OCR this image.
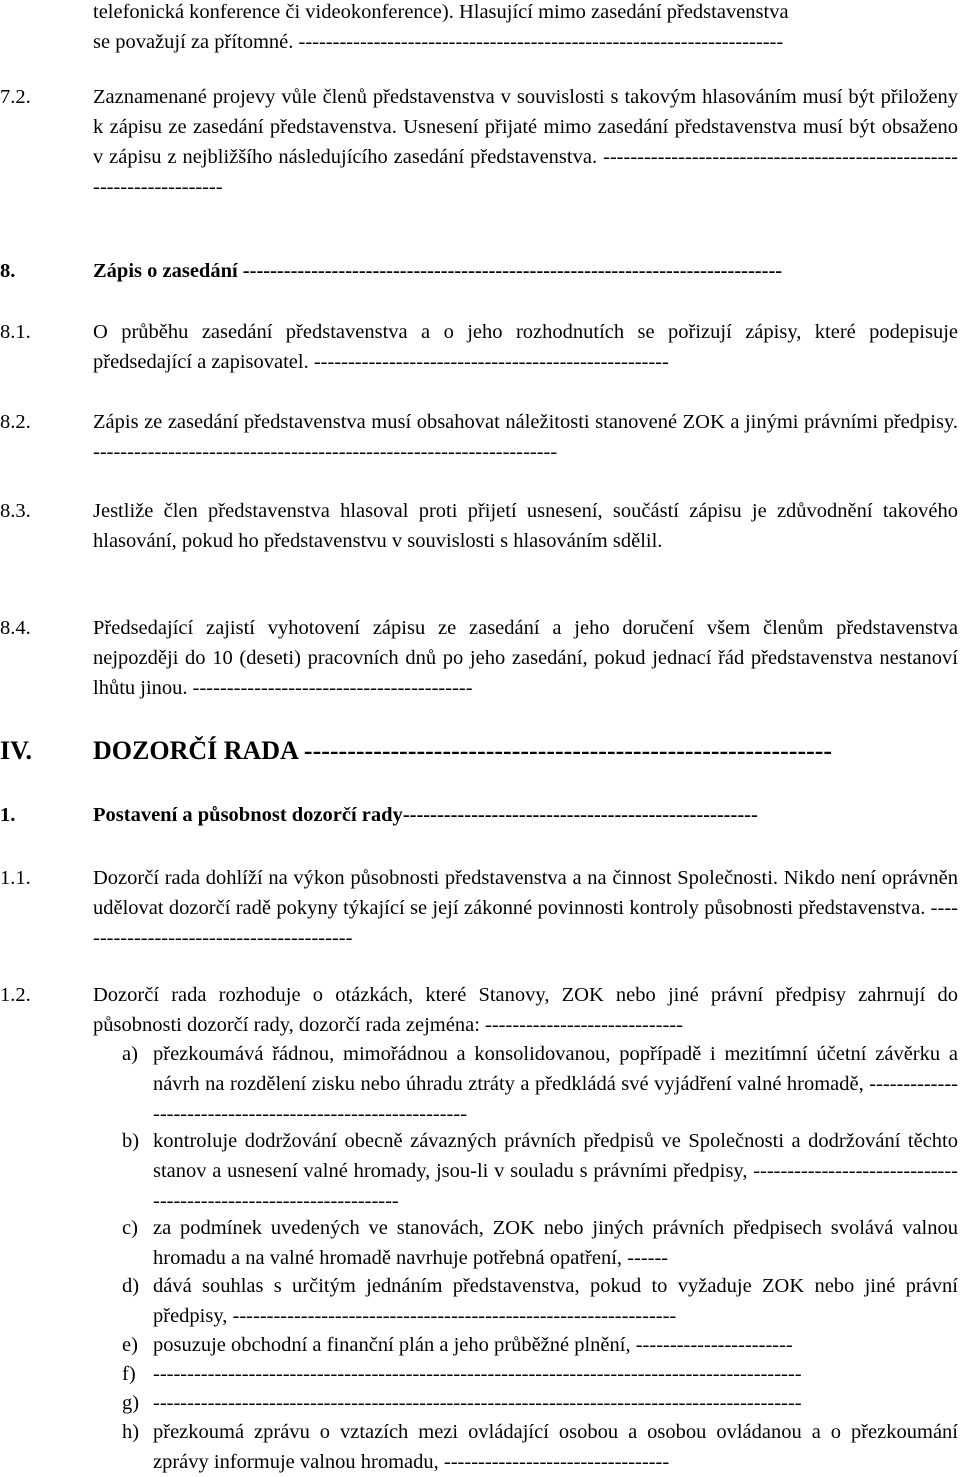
telefonická konference či videokonference). Hlasující mimo zasedání představenstva
se považují za přítomné. -----------------------------------------------------------------------
7.2.	Zaznamenané projevy vůle členů představenstva v souvislosti s takovým hlasováním musí být přiloženy k zápisu ze zasedání představenstva. Usnesení přijaté mimo zasedání představenstva musí být obsaženo v zápisu z nejbližšího následujícího zasedání představenstva. -----------------------------------------------------------------------
8.	Zápis o zasedání -------------------------------------------------------------------------------
8.1.	O průběhu zasedání představenstva a o jeho rozhodnutích se pořizují zápisy, které podepisuje předsedající a zapisovatel. ----------------------------------------------------
8.2.	Zápis ze zasedání představenstva musí obsahovat náležitosti stanovené ZOK a jinými právními předpisy. --------------------------------------------------------------------
8.3.	Jestliže člen představenstva hlasoval proti přijetí usnesení, součástí zápisu je zdůvodnění takového hlasování, pokud ho představenstvu v souvislosti s hlasováním sdělil.
8.4.	Předsedající zajistí vyhotovení zápisu ze zasedání a jeho doručení všem členům představenstva nejpozději do 10 (deseti) pracovních dnů po jeho zasedání, pokud jednací řád představenstva nestanoví lhůtu jinou. -----------------------------------------
IV.	DOZORČÍ RADA -------------------------------------------------------------
1.	Postavení a působnost dozorčí rady----------------------------------------------------
1.1.	Dozorčí rada dohlíží na výkon působnosti představenstva a na činnost Společnosti. Nikdo není oprávněn udělovat dozorčí radě pokyny týkající se její zákonné povinnosti kontroly působnosti představenstva. ------------------------------------------
1.2.	Dozorčí rada rozhoduje o otázkách, které Stanovy, ZOK nebo jiné právní předpisy zahrnují do působnosti dozorčí rady, dozorčí rada zejména: -----------------------------
a) přezkoumává řádnou, mimořádnou a konsolidovanou, popřípadě i mezitímní účetní závěrku a návrh na rozdělení zisku nebo úhradu ztráty a předkládá své vyjádření valné hromadě, -----------------------------------------------------------
b) kontroluje dodržování obecně závazných právních předpisů ve Společnosti a dodržování těchto stanov a usnesení valné hromady, jsou-li v souladu s právními předpisy, ------------------------------------------------------------------
c) za podmínek uvedených ve stanovách, ZOK nebo jiných právních předpisech svolává valnou hromadu a na valné hromadě navrhuje potřebná opatření, ------
d) dává souhlas s určitým jednáním představenstva, pokud to vyžaduje ZOK nebo jiné právní předpisy, -----------------------------------------------------------------
e) posuzuje obchodní a finanční plán a jeho průběžné plnění, -----------------------
f) -----------------------------------------------------------------------------------------------
g) -----------------------------------------------------------------------------------------------
h) přezkoumá zprávu o vztazích mezi ovládající osobou a osobou ovládanou a o přezkoumání zprávy informuje valnou hromadu, ---------------------------------
